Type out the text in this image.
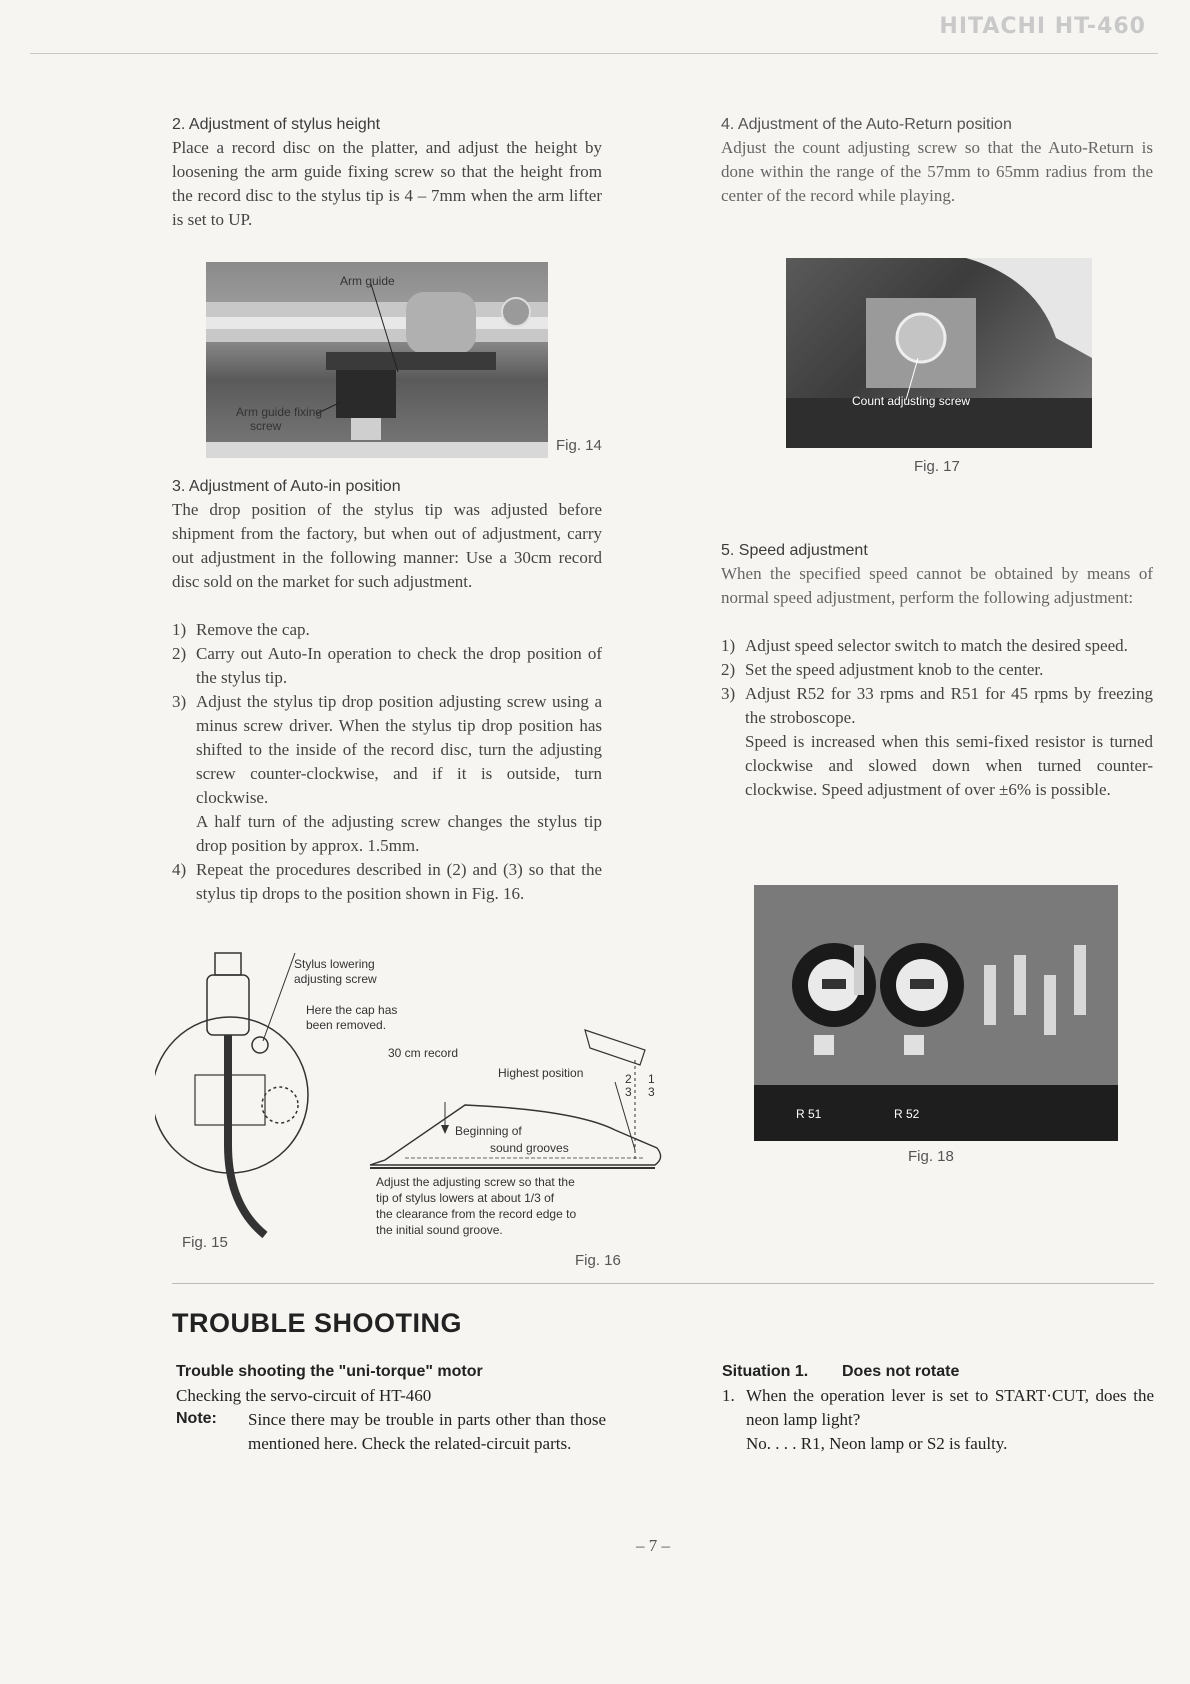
HITACHI HT-460
2. Adjustment of stylus height
Place a record disc on the platter, and adjust the height by loosening the arm guide fixing screw so that the height from the record disc to the stylus tip is 4 – 7mm when the arm lifter is set to UP.
Arm guide
Arm guide fixing
screw
Fig. 14
3. Adjustment of Auto-in position
The drop position of the stylus tip was adjusted before shipment from the factory, but when out of adjustment, carry out adjustment in the following manner: Use a 30cm record disc sold on the market for such adjustment.
1) Remove the cap.
2) Carry out Auto-In operation to check the drop position of the stylus tip.
3) Adjust the stylus tip drop position adjusting screw using a minus screw driver. When the stylus tip drop position has shifted to the inside of the record disc, turn the adjusting screw counter-clockwise, and if it is outside, turn clockwise.
A half turn of the adjusting screw changes the stylus tip drop position by approx. 1.5mm.
4) Repeat the procedures described in (2) and (3) so that the stylus tip drops to the position shown in Fig. 16.
Stylus lowering
adjusting screw
Here the cap has
been removed.
Fig. 15
30 cm record
Highest position	2
3
1
3
Beginning of
sound grooves
Adjust the adjusting screw so that the
tip of stylus lowers at about 1/3 of
the clearance from the record edge to
the initial sound groove.
Fig. 16
4. Adjustment of the Auto-Return position
Adjust the count adjusting screw so that the Auto-Return is done within the range of the 57mm to 65mm radius from the center of the record while playing.
Count adjusting screw
Fig. 17
5. Speed adjustment
When the specified speed cannot be obtained by means of normal speed adjustment, perform the following adjustment:
1) Adjust speed selector switch to match the desired speed.
2) Set the speed adjustment knob to the center.
3) Adjust R52 for 33 rpms and R51 for 45 rpms by freezing the stroboscope.
Speed is increased when this semi-fixed resistor is turned clockwise and slowed down when turned counter-clockwise. Speed adjustment of over ±6% is possible.
R 51	R 52
Fig. 18
TROUBLE SHOOTING
Trouble shooting the "uni-torque" motor
Checking the servo-circuit of HT-460
Note: Since there may be trouble in parts other than those mentioned here. Check the related-circuit parts.
Situation 1. Does not rotate
1. When the operation lever is set to START·CUT, does the neon lamp light?
No. . . . R1, Neon lamp or S2 is faulty.
– 7 –
